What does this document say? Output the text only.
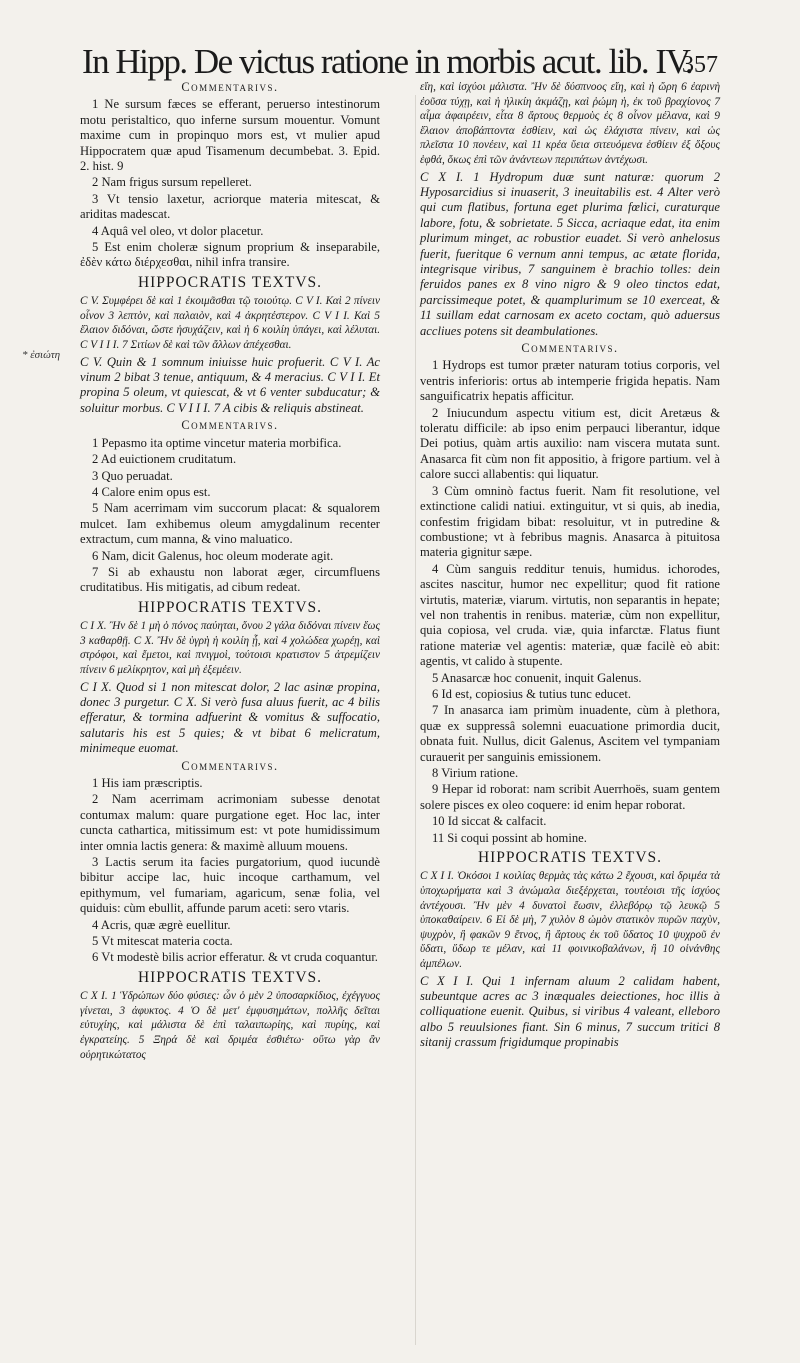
In Hipp. De victus ratione in morbis acut. lib. IV.
357
* ἐσιώτη
Commentarivs.
1 Ne sursum fæces se efferant, peruerso intestinorum motu peristaltico, quo inferne sursum mouentur. Vomunt maxime cum in propinquo mors est, vt mulier apud Hippocratem quæ apud Tisamenum decumbebat. 3. Epid. 2. hist. 9
2 Nam frigus sursum repelleret.
3 Vt tensio laxetur, acriorque materia mitescat, & ariditas madescat.
4 Aquâ vel oleo, vt dolor placetur.
5 Est enim choleræ signum proprium & inseparabile, ἐδὲν κάτω διέρχεσθαι, nihil infra transire.
HIPPOCRATIS TEXTVS.
C V. Συμφέρει δὲ καὶ 1 ἐκοιμᾶσθαι τῷ τοιούτῳ. C V I. Καὶ 2 πίνειν οἶνον 3 λεπτὸν, καὶ παλαιὸν, καὶ 4 ἀκρητέστερον. C V I I. Καὶ 5 ἔλαιον διδόναι, ὥστε ἡσυχάζειν, καὶ ἡ 6 κοιλίη ὑπάγει, καὶ λέλυται. C V I I I. 7 Σιτίων δὲ καὶ τῶν ἄλλων ἀπέχεσθαι.
C V. Quin & 1 somnum iniuisse huic profuerit. C V I. Ac vinum 2 bibat 3 tenue, antiquum, & 4 meracius. C V I I. Et propina 5 oleum, vt quiescat, & vt 6 venter subducatur; & soluitur morbus. C V I I I. 7 A cibis & reliquis abstineat.
Commentarivs.
1 Pepasmo ita optime vincetur materia morbifica.
2 Ad euictionem cruditatum.
3 Quo peruadat.
4 Calore enim opus est.
5 Nam acerrimam vim succorum placat: & squalorem mulcet. Iam exhibemus oleum amygdalinum recenter extractum, cum manna, & vino maluatico.
6 Nam, dicit Galenus, hoc oleum moderate agit.
7 Si ab exhaustu non laborat æger, circumfluens cruditatibus. His mitigatis, ad cibum redeat.
HIPPOCRATIS TEXTVS.
C I X. Ἢν δὲ 1 μὴ ὁ πόνος παύηται, ὄνου 2 γάλα διδόναι πίνειν ἕως 3 καθαρθῇ. C X. Ἢν δὲ ὑγρὴ ἡ κοιλίη ᾖ, καὶ 4 χολώδεα χωρέῃ, καὶ στρόφοι, καὶ ἔμετοι, καὶ πνιγμοὶ, τούτοισι κρατιστον 5 ἀτρεμίζειν πίνειν 6 μελίκρητον, καὶ μὴ ἐξεμέειν.
C I X. Quod si 1 non mitescat dolor, 2 lac asinæ propina, donec 3 purgetur. C X. Si verò fusa aluus fuerit, ac 4 bilis efferatur, & tormina adfuerint & vomitus & suffocatio, salutaris his est 5 quies; & vt bibat 6 melicratum, minimeque euomat.
Commentarivs.
1 His iam præscriptis.
2 Nam acerrimam acrimoniam subesse denotat contumax malum: quare purgatione eget. Hoc lac, inter cuncta cathartica, mitissimum est: vt pote humidissimum inter omnia lactis genera: & maximè alluum mouens.
3 Lactis serum ita facies purgatorium, quod iucundè bibitur accipe lac, huic incoque carthamum, vel epithymum, vel fumariam, agaricum, senæ folia, vel quiduis: cùm ebullit, affunde parum aceti: sero vtaris.
4 Acris, quæ ægrè euellitur.
5 Vt mitescat materia cocta.
6 Vt modestè bilis acrior efferatur. & vt cruda coquantur.
HIPPOCRATIS TEXTVS.
C X I. 1 Ὑδρώπων δύο φύσιες: ὧν ὁ μὲν 2 ὑποσαρκίδιος, ἐχέγγυος γίνεται, 3 ἀφυκτος. 4 Ὁ δὲ μετ' ἐμφυσημάτων, πολλῆς δεῖται εὐτυχίης, καὶ μάλιστα δὲ ἐπὶ ταλαιπωρίης, καὶ πυρίης, καὶ ἐγκρατείης. 5 Ξηρά δὲ καὶ δριμέα ἐσθιέτω· οὕτω γὰρ ἂν οὐρητικώτατος
εἴη, καὶ ἰσχύοι μάλιστα. Ἢν δὲ δύσπνοος εἴη, καὶ ἡ ὥρη 6 ἐαρινὴ ἐοῦσα τύχῃ, καὶ ἡ ἡλικίη ἀκμάζῃ, καὶ ῥώμη ἡ, ἐκ τοῦ βραχίονος 7 αἷμα ἀφαιρέειν, εἶτα 8 ἄρτους θερμοὺς ἐς 8 οἶνον μέλανα, καὶ 9 ἔλαιον ἀποβάπτοντα ἐσθίειν, καὶ ὡς ἐλάχιστα πίνειν, καὶ ὡς πλεῖστα 10 πονέειν, καὶ 11 κρέα ὕεια σιτευόμενα ἐσθίειν ἐξ ὄξους ἑφθά, ὅκως ἐπὶ τῶν ἀνάντεων περιπάτων ἀντέχωσι.
C X I. 1 Hydropum duæ sunt naturæ: quorum 2 Hyposarcidius si inuaserit, 3 ineuitabilis est. 4 Alter verò qui cum flatibus, fortuna eget plurima fœlici, curaturque labore, fotu, & sobrietate. 5 Sicca, acriaque edat, ita enim plurimum minget, ac robustior euadet. Si verò anhelosus fuerit, fueritque 6 vernum anni tempus, ac ætate florida, integrisque viribus, 7 sanguinem è brachio tolles: dein feruidos panes ex 8 vino nigro & 9 oleo tinctos edat, parcissimeque potet, & quamplurimum se 10 exerceat, & 11 suillam edat carnosam ex aceto coctam, quò aduersus accliues potens sit deambulationes.
Commentarivs.
1 Hydrops est tumor præter naturam totius corporis, vel ventris inferioris: ortus ab intemperie frigida hepatis. Nam sanguificatrix hepatis afficitur.
2 Iniucundum aspectu vitium est, dicit Aretæus & toleratu difficile: ab ipso enim perpauci liberantur, idque Dei potius, quàm artis auxilio: nam viscera mutata sunt. Anasarca fit cùm non fit appositio, à frigore partium. vel à calore succi allabentis: qui liquatur.
3 Cùm omninò factus fuerit. Nam fit resolutione, vel extinctione calidi natiui. extinguitur, vt si quis, ab inedia, confestim frigidam bibat: resoluitur, vt in putredine & combustione; vt à febribus magnis. Anasarca à pituitosa materia gignitur sæpe.
4 Cùm sanguis redditur tenuis, humidus. ichorodes, ascites nascitur, humor nec expellitur; quod fit ratione virtutis, materiæ, viarum. virtutis, non separantis in hepate; vel non trahentis in renibus. materiæ, cùm non expellitur, quia copiosa, vel cruda. viæ, quia infarctæ. Flatus fiunt ratione materiæ vel agentis: materiæ, quæ facilè eò abit: agentis, vt calido à stupente.
5 Anasarcæ hoc conuenit, inquit Galenus.
6 Id est, copiosius & tutius tunc educet.
7 In anasarca iam primùm inuadente, cùm à plethora, quæ ex suppressâ solemni euacuatione primordia ducit, obnata fuit. Nullus, dicit Galenus, Ascitem vel tympaniam curauerit per sanguinis emissionem.
8 Virium ratione.
9 Hepar id roborat: nam scribit Auerrhoës, suam gentem solere pisces ex oleo coquere: id enim hepar roborat.
10 Id siccat & calfacit.
11 Si coqui possint ab homine.
HIPPOCRATIS TEXTVS.
C X I I. Ὁκόσοι 1 κοιλίας θερμὰς τὰς κάτω 2 ἔχουσι, καὶ δριμέα τὰ ὑποχωρήματα καὶ 3 ἀνώμαλα διεξέρχεται, τουτέοισι τῆς ἰσχύος ἀντέχουσι. Ἢν μὲν 4 δυνατοὶ ἔωσιν, ἐλλεβόρῳ τῷ λευκῷ 5 ὑποκαθαίρειν. 6 Εἰ δὲ μὴ, 7 χυλὸν 8 ὠμὸν στατικὸν πυρῶν παχὺν, ψυχρὸν, ἢ φακῶν 9 ἔτνος, ἢ ἄρτους ἐκ τοῦ ὕδατος 10 ψυχροῦ ἐν ὕδατι, ὕδωρ τε μέλαν, καὶ 11 φοινικοβαλάνων, ἢ 10 οἰνάνθης ἀμπέλων.
C X I I. Qui 1 infernam aluum 2 calidam habent, subeuntque acres ac 3 inæquales deiectiones, hoc illis à colliquatione euenit. Quibus, si viribus 4 valeant, elleboro albo 5 reuulsiones fiant. Sin 6 minus, 7 succum tritici 8 sitanij crassum frigidumque propinabis
